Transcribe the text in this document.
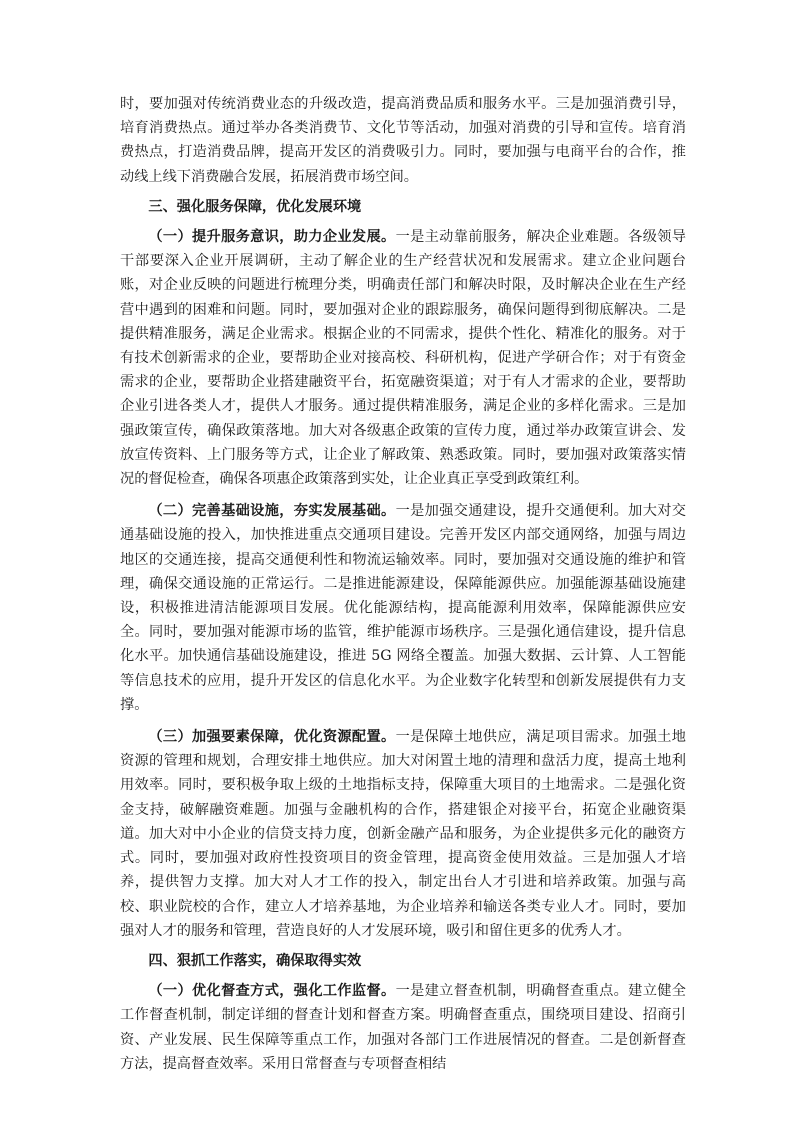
时，要加强对传统消费业态的升级改造，提高消费品质和服务水平。三是加强消费引导，培育消费热点。通过举办各类消费节、文化节等活动，加强对消费的引导和宣传。培育消费热点，打造消费品牌，提高开发区的消费吸引力。同时，要加强与电商平台的合作，推动线上线下消费融合发展，拓展消费市场空间。

三、强化服务保障，优化发展环境

（一）提升服务意识，助力企业发展。一是主动靠前服务，解决企业难题。各级领导干部要深入企业开展调研，主动了解企业的生产经营状况和发展需求。建立企业问题台账，对企业反映的问题进行梳理分类，明确责任部门和解决时限，及时解决企业在生产经营中遇到的困难和问题。同时，要加强对企业的跟踪服务，确保问题得到彻底解决。二是提供精准服务，满足企业需求。根据企业的不同需求，提供个性化、精准化的服务。对于有技术创新需求的企业，要帮助企业对接高校、科研机构，促进产学研合作；对于有资金需求的企业，要帮助企业搭建融资平台，拓宽融资渠道；对于有人才需求的企业，要帮助企业引进各类人才，提供人才服务。通过提供精准服务，满足企业的多样化需求。三是加强政策宣传，确保政策落地。加大对各级惠企政策的宣传力度，通过举办政策宣讲会、发放宣传资料、上门服务等方式，让企业了解政策、熟悉政策。同时，要加强对政策落实情况的督促检查，确保各项惠企政策落到实处，让企业真正享受到政策红利。

（二）完善基础设施，夯实发展基础。一是加强交通建设，提升交通便利。加大对交通基础设施的投入，加快推进重点交通项目建设。完善开发区内部交通网络，加强与周边地区的交通连接，提高交通便利性和物流运输效率。同时，要加强对交通设施的维护和管理，确保交通设施的正常运行。二是推进能源建设，保障能源供应。加强能源基础设施建设，积极推进清洁能源项目发展。优化能源结构，提高能源利用效率，保障能源供应安全。同时，要加强对能源市场的监管，维护能源市场秩序。三是强化通信建设，提升信息化水平。加快通信基础设施建设，推进 5G 网络全覆盖。加强大数据、云计算、人工智能等信息技术的应用，提升开发区的信息化水平。为企业数字化转型和创新发展提供有力支撑。

（三）加强要素保障，优化资源配置。一是保障土地供应，满足项目需求。加强土地资源的管理和规划，合理安排土地供应。加大对闲置土地的清理和盘活力度，提高土地利用效率。同时，要积极争取上级的土地指标支持，保障重大项目的土地需求。二是强化资金支持，破解融资难题。加强与金融机构的合作，搭建银企对接平台，拓宽企业融资渠道。加大对中小企业的信贷支持力度，创新金融产品和服务，为企业提供多元化的融资方式。同时，要加强对政府性投资项目的资金管理，提高资金使用效益。三是加强人才培养，提供智力支撑。加大对人才工作的投入，制定出台人才引进和培养政策。加强与高校、职业院校的合作，建立人才培养基地，为企业培养和输送各类专业人才。同时，要加强对人才的服务和管理，营造良好的人才发展环境，吸引和留住更多的优秀人才。

四、狠抓工作落实，确保取得实效

（一）优化督查方式，强化工作监督。一是建立督查机制，明确督查重点。建立健全工作督查机制，制定详细的督查计划和督查方案。明确督查重点，围绕项目建设、招商引资、产业发展、民生保障等重点工作，加强对各部门工作进展情况的督查。二是创新督查方法，提高督查效率。采用日常督查与专项督查相结
